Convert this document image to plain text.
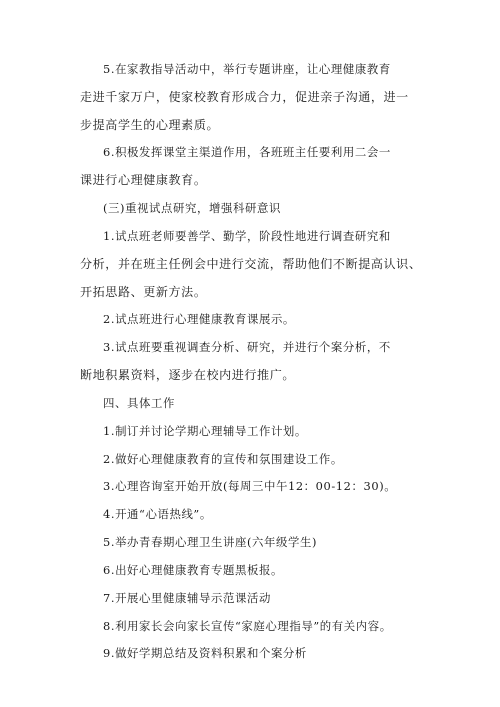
5.在家教指导活动中，举行专题讲座，让心理健康教育
走进千家万户，使家校教育形成合力，促进亲子沟通，进一
步提高学生的心理素质。
6.积极发挥课堂主渠道作用，各班班主任要利用二会一
课进行心理健康教育。
(三)重视试点研究，增强科研意识
1.试点班老师要善学、勤学，阶段性地进行调查研究和
分析，并在班主任例会中进行交流，帮助他们不断提高认识、
开拓思路、更新方法。
2.试点班进行心理健康教育课展示。
3.试点班要重视调查分析、研究，并进行个案分析，不
断地积累资料，逐步在校内进行推广。
四、具体工作
1.制订并讨论学期心理辅导工作计划。
2.做好心理健康教育的宣传和氛围建设工作。
3.心理咨询室开始开放(每周三中午12：00-12：30)。
4.开通“心语热线”。
5.举办青春期心理卫生讲座(六年级学生)
6.出好心理健康教育专题黑板报。
7.开展心里健康辅导示范课活动
8.利用家长会向家长宣传“家庭心理指导”的有关内容。
9.做好学期总结及资料积累和个案分析
